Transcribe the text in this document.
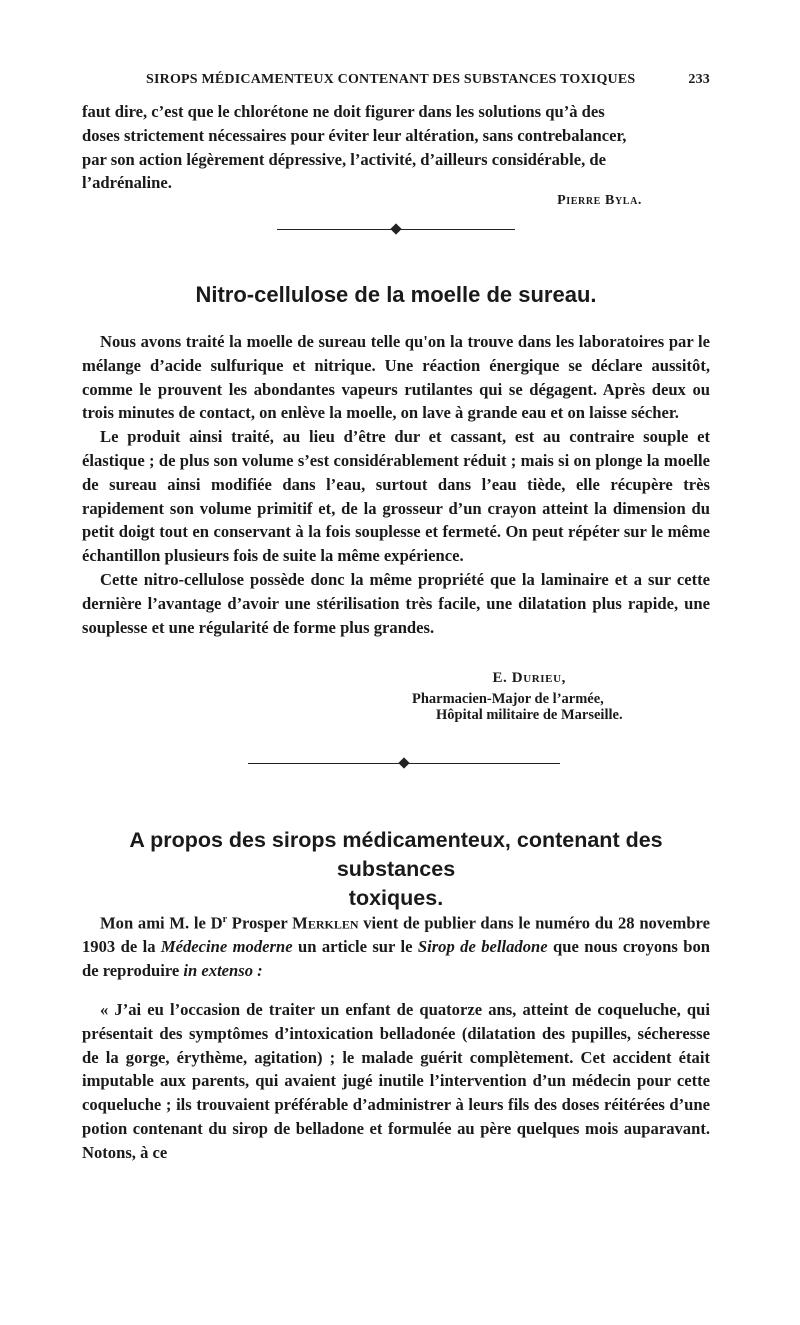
SIROPS MÉDICAMENTEUX CONTENANT DES SUBSTANCES TOXIQUES	233
faut dire, c’est que le chlorétone ne doit figurer dans les solutions qu’à des
doses strictement nécessaires pour éviter leur altération, sans contrebalancer,
par son action légèrement dépressive, l’activité, d’ailleurs considérable, de
l’adrénaline.
Pierre Byla.
Nitro-cellulose de la moelle de sureau.

Nous avons traité la moelle de sureau telle qu'on la trouve dans les laboratoires par le mélange d’acide sulfurique et nitrique. Une réaction énergique se déclare aussitôt, comme le prouvent les abondantes vapeurs rutilantes qui se dégagent. Après deux ou trois minutes de contact, on enlève la moelle, on lave à grande eau et on laisse sécher.

Le produit ainsi traité, au lieu d’être dur et cassant, est au contraire souple et élastique ; de plus son volume s’est considérablement réduit ; mais si on plonge la moelle de sureau ainsi modifiée dans l’eau, surtout dans l’eau tiède, elle récupère très rapidement son volume primitif et, de la grosseur d’un crayon atteint la dimension du petit doigt tout en conservant à la fois souplesse et fermeté. On peut répéter sur le même échantillon plusieurs fois de suite la même expérience.

Cette nitro-cellulose possède donc la même propriété que la laminaire et a sur cette dernière l’avantage d’avoir une stérilisation très facile, une dilatation plus rapide, une souplesse et une régularité de forme plus grandes.

E. Durieu,
Pharmacien-Major de l’armée,
Hôpital militaire de Marseille.
A propos des sirops médicamenteux, contenant des substances
toxiques.

Mon ami M. le $D^r$ Prosper Merklen vient de publier dans le numéro du 28 novembre 1903 de la Médecine moderne un article sur le Sirop de belladone que nous croyons bon de reproduire in extenso :

« J’ai eu l’occasion de traiter un enfant de quatorze ans, atteint de coqueluche, qui présentait des symptômes d’intoxication belladonée (dilatation des pupilles, sécheresse de la gorge, érythème, agitation) ; le malade guérit complètement. Cet accident était imputable aux parents, qui avaient jugé inutile l’intervention d’un médecin pour cette coqueluche ; ils trouvaient préférable d’administrer à leurs fils des doses réitérées d’une potion contenant du sirop de belladone et formulée au père quelques mois auparavant. Notons, à ce
